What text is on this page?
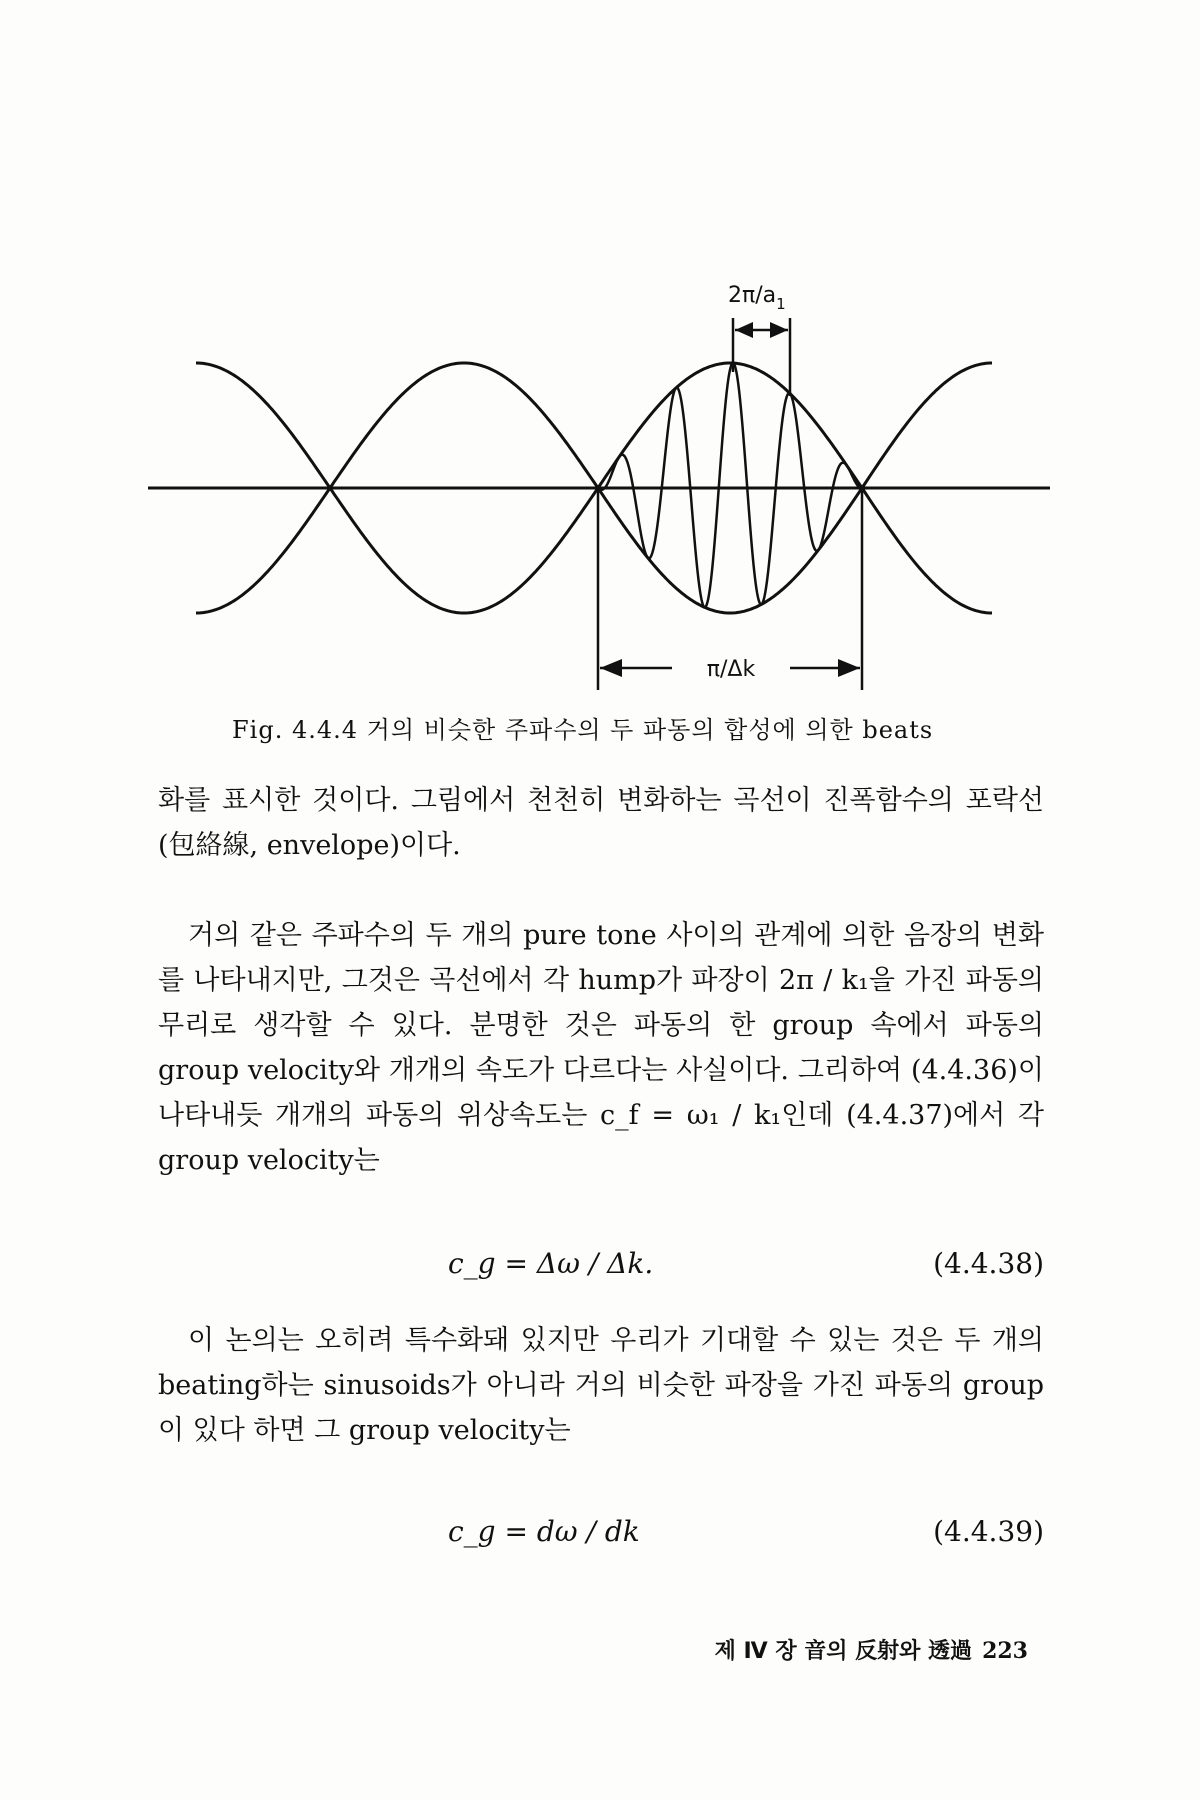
π/Δk
$2\pi/a_1$
Fig. 4.4.4 거의 비슷한 주파수의 두 파동의 합성에 의한 beats

화를 표시한 것이다. 그림에서 천천히 변화하는 곡선이 진폭함수의 포락선(包絡線, envelope)이다.

거의 같은 주파수의 두 개의 pure tone 사이의 관계에 의한 음장의 변화를 나타내지만, 그것은 곡선에서 각 hump가 파장이 2π / k₁을 가진 파동의 무리로 생각할 수 있다. 분명한 것은 파동의 한 group 속에서 파동의 group velocity와 개개의 속도가 다르다는 사실이다. 그리하여 (4.4.36)이 나타내듯 개개의 파동의 위상속도는 c_f = ω₁ / k₁인데 (4.4.37)에서 각 group velocity는

c_g = Δω / Δk.	(4.4.38)

이 논의는 오히려 특수화돼 있지만 우리가 기대할 수 있는 것은 두 개의 beating하는 sinusoids가 아니라 거의 비슷한 파장을 가진 파동의 group이 있다 하면 그 group velocity는

c_g = dω / dk	(4.4.39)
제 Ⅳ 장 音의 反射와 透過 223
